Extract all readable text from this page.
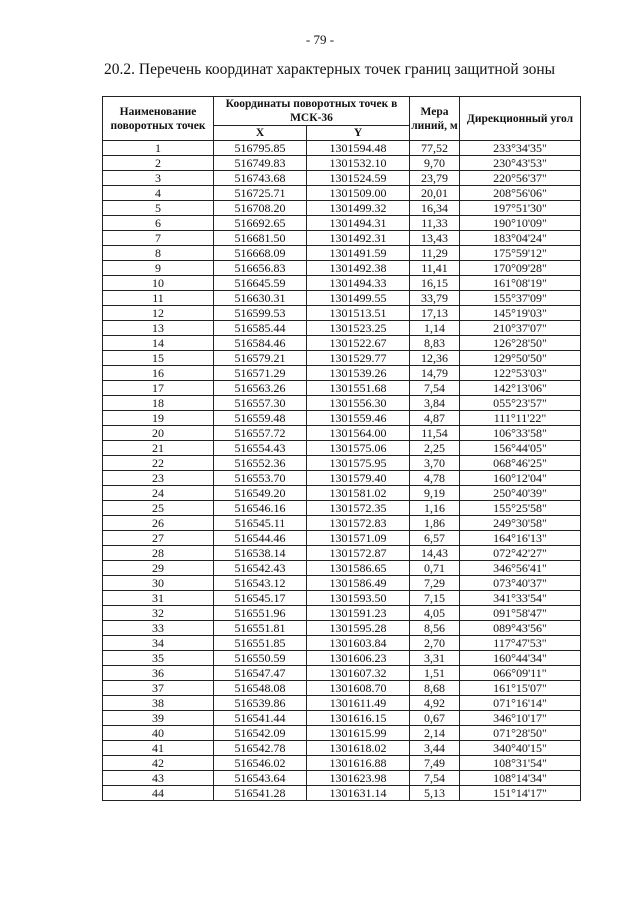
- 79 -
20.2. Перечень координат характерных точек границ защитной зоны
Наименование поворотных точек	Координаты поворотных точек в МСК-36		Мера линий, м	Дирекционный угол
	X	Y		
1	516795.85	1301594.48	77,52	233°34'35"
2	516749.83	1301532.10	9,70	230°43'53"
3	516743.68	1301524.59	23,79	220°56'37"
4	516725.71	1301509.00	20,01	208°56'06"
5	516708.20	1301499.32	16,34	197°51'30"
6	516692.65	1301494.31	11,33	190°10'09"
7	516681.50	1301492.31	13,43	183°04'24"
8	516668.09	1301491.59	11,29	175°59'12"
9	516656.83	1301492.38	11,41	170°09'28"
10	516645.59	1301494.33	16,15	161°08'19"
11	516630.31	1301499.55	33,79	155°37'09"
12	516599.53	1301513.51	17,13	145°19'03"
13	516585.44	1301523.25	1,14	210°37'07"
14	516584.46	1301522.67	8,83	126°28'50"
15	516579.21	1301529.77	12,36	129°50'50"
16	516571.29	1301539.26	14,79	122°53'03"
17	516563.26	1301551.68	7,54	142°13'06"
18	516557.30	1301556.30	3,84	055°23'57"
19	516559.48	1301559.46	4,87	111°11'22"
20	516557.72	1301564.00	11,54	106°33'58"
21	516554.43	1301575.06	2,25	156°44'05"
22	516552.36	1301575.95	3,70	068°46'25"
23	516553.70	1301579.40	4,78	160°12'04"
24	516549.20	1301581.02	9,19	250°40'39"
25	516546.16	1301572.35	1,16	155°25'58"
26	516545.11	1301572.83	1,86	249°30'58"
27	516544.46	1301571.09	6,57	164°16'13"
28	516538.14	1301572.87	14,43	072°42'27"
29	516542.43	1301586.65	0,71	346°56'41"
30	516543.12	1301586.49	7,29	073°40'37"
31	516545.17	1301593.50	7,15	341°33'54"
32	516551.96	1301591.23	4,05	091°58'47"
33	516551.81	1301595.28	8,56	089°43'56"
34	516551.85	1301603.84	2,70	117°47'53"
35	516550.59	1301606.23	3,31	160°44'34"
36	516547.47	1301607.32	1,51	066°09'11"
37	516548.08	1301608.70	8,68	161°15'07"
38	516539.86	1301611.49	4,92	071°16'14"
39	516541.44	1301616.15	0,67	346°10'17"
40	516542.09	1301615.99	2,14	071°28'50"
41	516542.78	1301618.02	3,44	340°40'15"
42	516546.02	1301616.88	7,49	108°31'54"
43	516543.64	1301623.98	7,54	108°14'34"
44	516541.28	1301631.14	5,13	151°14'17"
